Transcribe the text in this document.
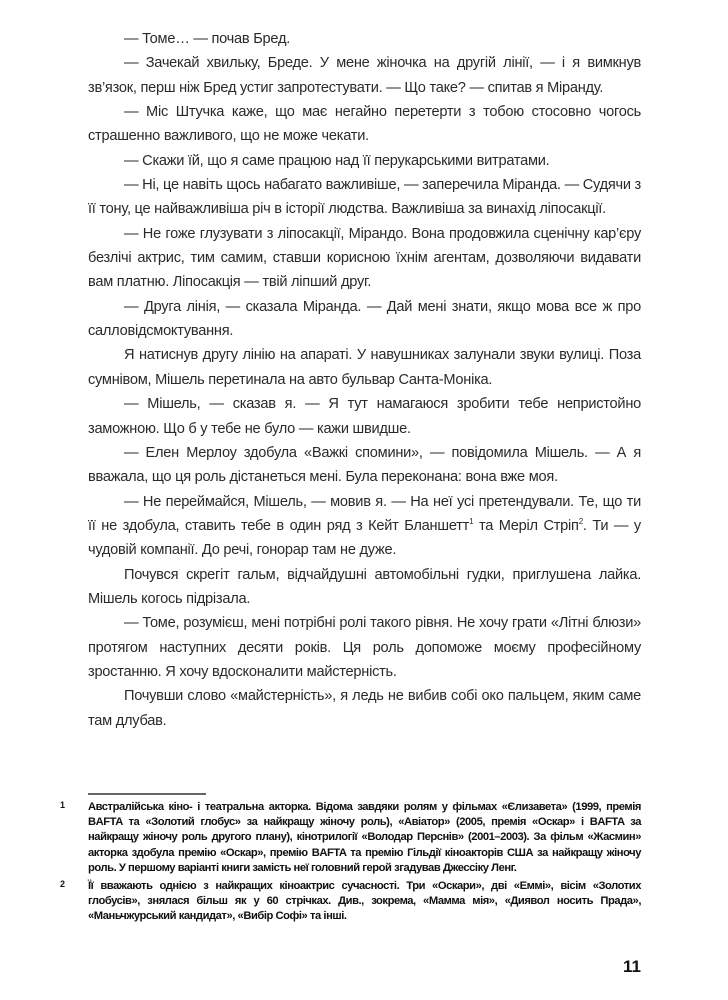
— Томе… — почав Бред.

— Зачекай хвильку, Бреде. У мене жіночка на другій лінії, — і я вимкнув зв’язок, перш ніж Бред устиг запротестувати. — Що таке? — спитав я Міранду.

— Міс Штучка каже, що має негайно перетерти з тобою стосовно чогось страшенно важливого, що не може чекати.

— Скажи їй, що я саме працюю над її перукарськими витратами.

— Ні, це навіть щось набагато важливіше, — заперечила Міранда. — Судячи з її тону, це найважливіша річ в історії людства. Важливіша за винахід ліпосакції.

— Не гоже глузувати з ліпосакції, Мірандо. Вона продовжила сценічну кар’єру безлічі актрис, тим самим, ставши корисною їхнім агентам, дозволяючи видавати вам платню. Ліпосакція — твій ліпший друг.

— Друга лінія, — сказала Міранда. — Дай мені знати, якщо мова все ж про салловідсмоктування.

Я натиснув другу лінію на апараті. У навушниках залунали звуки вулиці. Поза сумнівом, Мішель перетинала на авто бульвар Санта-Моніка.

— Мішель, — сказав я. — Я тут намагаюся зробити тебе непристойно заможною. Що б у тебе не було — кажи швидше.

— Елен Мерлоу здобула «Важкі спомини», — повідомила Мішель. — А я вважала, що ця роль дістанеться мені. Була переконана: вона вже моя.

— Не переймайся, Мішель, — мовив я. — На неї усі претендували. Те, що ти її не здобула, ставить тебе в один ряд з Кейт Бланшетт$^1$ та Меріл Стріп$^2$. Ти — у чудовій компанії. До речі, гонорар там не дуже.

Почувся скрегіт гальм, відчайдушні автомобільні гудки, приглушена лайка. Мішель когось підрізала.

— Томе, розумієш, мені потрібні ролі такого рівня. Не хочу грати «Літні блюзи» протягом наступних десяти років. Ця роль допоможе моєму професійному зростанню. Я хочу вдосконалити майстерність.

Почувши слово «майстерність», я ледь не вибив собі око пальцем, яким саме там длубав.

1 Австралійська кіно- і театральна акторка. Відома завдяки ролям у фільмах «Єлизавета» (1999, премія BAFTA та «Золотий глобус» за найкращу жіночу роль), «Авіатор» (2005, премія «Оскар» і BAFTA за найкращу жіночу роль другого плану), кінотрилогії «Володар Перснів» (2001–2003). За фільм «Жасмин» акторка здобула премію «Оскар», премію BAFTA та премію Гільдії кіноакторів США за найкращу жіночу роль. У першому варіанті книги замість неї головний герой згадував Джессіку Ленг.
2 Її вважають однією з найкращих кіноактрис сучасності. Три «Оскари», дві «Еммі», вісім «Золотих глобусів», знялася більш як у 60 стрічках. Див., зокрема, «Мамма мія», «Диявол носить Прада», «Маньчжурський кандидат», «Вибір Софі» та інші.
11
